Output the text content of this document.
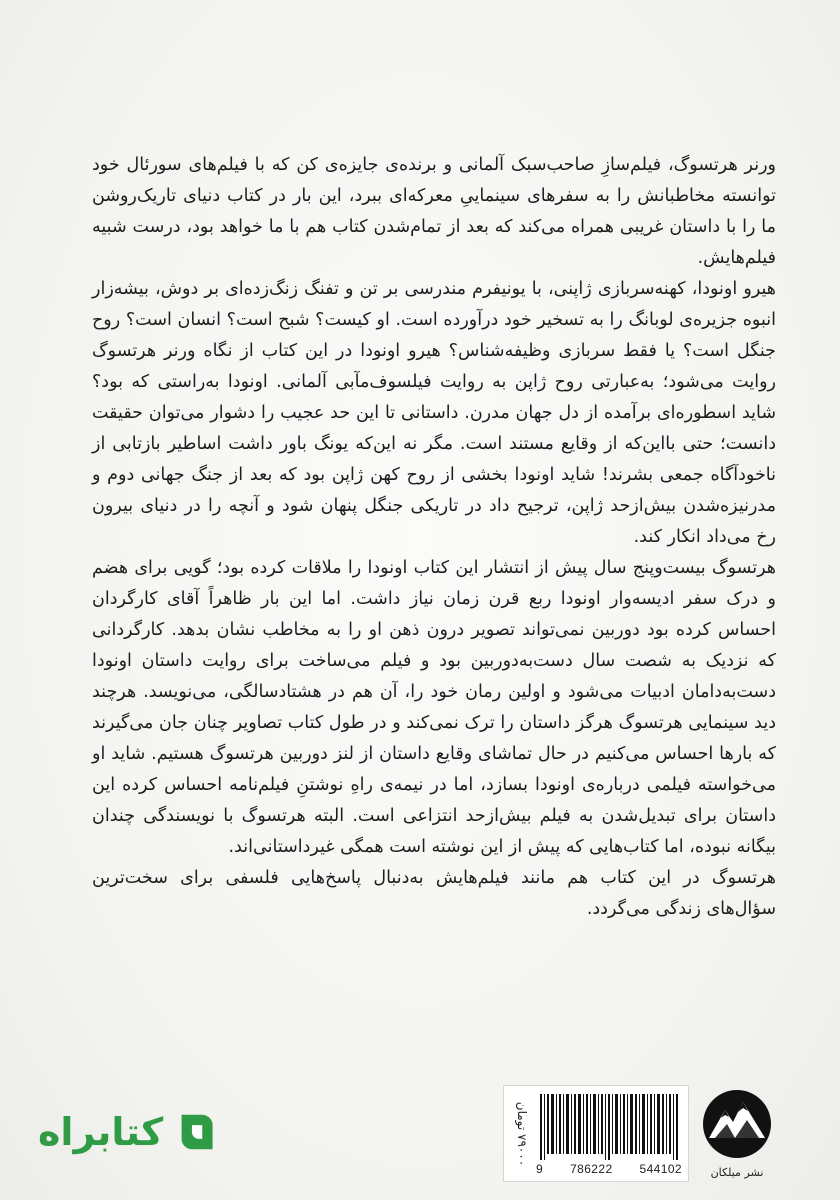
ورنر هرتسوگ، فیلم‌سازِ صاحب‌سبک آلمانی و برنده‌ی جایزه‌ی کن که با فیلم‌های سورئال خود توانسته مخاطبانش را به سفرهای سینماییِ معرکه‌ای ببرد، این بار در کتاب دنیای تاریک‌روشن ما را با داستان غریبی همراه می‌کند که بعد از تمام‌شدن کتاب هم با ما خواهد بود، درست شبیه فیلم‌هایش.

هیرو اونودا، کهنه‌سربازی ژاپنی، با یونیفرم مندرسی بر تن و تفنگ زنگ‌زده‌ای بر دوش، بیشه‌زار انبوه جزیره‌ی لوبانگ را به تسخیر خود درآورده است. او کیست؟ شبح است؟ انسان است؟ روح جنگل است؟ یا فقط سربازی وظیفه‌شناس؟ هیرو اونودا در این کتاب از نگاه ورنر هرتسوگ روایت می‌شود؛ به‌عبارتی روح ژاپن به روایت فیلسوف‌مآبی آلمانی. اونودا به‌راستی که بود؟ شاید اسطوره‌ای برآمده از دل جهان مدرن. داستانی تا این حد عجیب را دشوار می‌توان حقیقت دانست؛ حتی با‌این‌که از وقایع مستند است. مگر نه این‌که یونگ باور داشت اساطیر بازتابی از ناخودآگاه جمعی بشرند! شاید اونودا بخشی از روح کهن ژاپن بود که بعد از جنگ جهانی دوم و مدرنیزه‌شدن بیش‌ازحد ژاپن، ترجیح داد در تاریکی جنگل پنهان شود و آنچه را در دنیای بیرون رخ می‌داد انکار کند.

هرتسوگ بیست‌وپنج سال پیش از انتشار این کتاب اونودا را ملاقات کرده بود؛ گویی برای هضم و درک سفر ادیسه‌وار اونودا ربع قرن زمان نیاز داشت. اما این بار ظاهراً آقای کارگردان احساس کرده بود دوربین نمی‌تواند تصویر درون ذهن او را به مخاطب نشان بدهد. کارگردانی که نزدیک به شصت سال دست‌به‌دوربین بود و فیلم می‌ساخت برای روایت داستان اونودا دست‌به‌دامان ادبیات می‌شود و اولین رمان خود را، آن هم در هشتادسالگی، می‌نویسد. هرچند دید سینمایی هرتسوگ هرگز داستان را ترک نمی‌کند و در طول کتاب تصاویر چنان جان می‌گیرند که بارها احساس می‌کنیم در حال تماشای وقایع داستان از لنز دوربین هرتسوگ هستیم. شاید او می‌خواسته فیلمی درباره‌ی اونودا بسازد، اما در نیمه‌ی راهِ نوشتنِ فیلم‌نامه احساس کرده این داستان برای تبدیل‌شدن به فیلم بیش‌ازحد انتزاعی است. البته هرتسوگ با نویسندگی چندان بیگانه نبوده، اما کتاب‌هایی که پیش از این نوشته است همگی غیرداستانی‌اند.

هرتسوگ در این کتاب هم مانند فیلم‌هایش به‌دنبال پاسخ‌هایی فلسفی برای سخت‌ترین سؤال‌های زندگی می‌گردد.

کتابراه	۷۹۰۰۰ تومان
9 786222 544102	نشر میلکان
